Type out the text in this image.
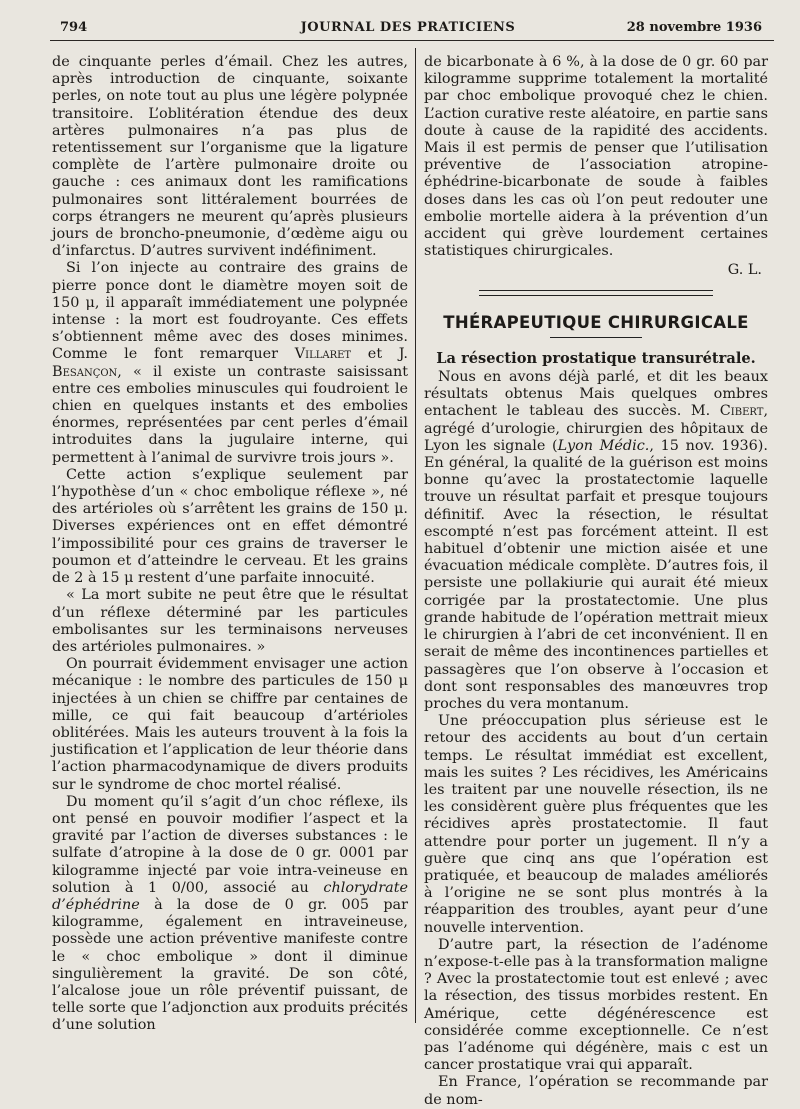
794	JOURNAL DES PRATICIENS	28 novembre 1936

de cinquante perles d’émail. Chez les autres, après introduction de cinquante, soixante perles, on note tout au plus une légère polypnée transitoire. L’oblitération étendue des deux artères pulmonaires n’a pas plus de retentissement sur l’organisme que la ligature complète de l’artère pulmonaire droite ou gauche : ces animaux dont les ramifications pulmonaires sont littéralement bourrées de corps étrangers ne meurent qu’après plusieurs jours de broncho-pneumonie, d’œdème aigu ou d’infarctus. D’autres survivent indéfiniment.

Si l’on injecte au contraire des grains de pierre ponce dont le diamètre moyen soit de 150 μ, il apparaît immédiatement une polypnée intense : la mort est foudroyante. Ces effets s’obtiennent même avec des doses minimes. Comme le font remarquer Villaret et J. Besançon, « il existe un contraste saisissant entre ces embolies minuscules qui foudroient le chien en quelques instants et des embolies énormes, représentées par cent perles d’émail introduites dans la jugulaire interne, qui permettent à l’animal de survivre trois jours ».

Cette action s’explique seulement par l’hypothèse d’un « choc embolique réflexe », né des artérioles où s’arrêtent les grains de 150 μ. Diverses expériences ont en effet démontré l’impossibilité pour ces grains de traverser le poumon et d’atteindre le cerveau. Et les grains de 2 à 15 μ restent d’une parfaite innocuité.

« La mort subite ne peut être que le résultat d’un réflexe déterminé par les particules embolisantes sur les terminaisons nerveuses des artérioles pulmonaires. »

On pourrait évidemment envisager une action mécanique : le nombre des particules de 150 μ injectées à un chien se chiffre par centaines de mille, ce qui fait beaucoup d’artérioles oblitérées. Mais les auteurs trouvent à la fois la justification et l’application de leur théorie dans l’action pharmacodynamique de divers produits sur le syndrome de choc mortel réalisé.

Du moment qu’il s’agit d’un choc réflexe, ils ont pensé en pouvoir modifier l’aspect et la gravité par l’action de diverses substances : le sulfate d’atropine à la dose de 0 gr. 0001 par kilogramme injecté par voie intra-veineuse en solution à 1 0/00, associé au chlorydrate d’éphédrine à la dose de 0 gr. 005 par kilogramme, également en intraveineuse, possède une action préventive manifeste contre le « choc embolique » dont il diminue singulièrement la gravité. De son côté, l’alcalose joue un rôle préventif puissant, de telle sorte que l’adjonction aux produits précités d’une solution

de bicarbonate à 6 %, à la dose de 0 gr. 60 par kilogramme supprime totalement la mortalité par choc embolique provoqué chez le chien. L’action curative reste aléatoire, en partie sans doute à cause de la rapidité des accidents. Mais il est permis de penser que l’utilisation préventive de l’association atropine-éphédrine-bicarbonate de soude à faibles doses dans les cas où l’on peut redouter une embolie mortelle aidera à la prévention d’un accident qui grève lourdement certaines statistiques chirurgicales.

G. L.
THÉRAPEUTIQUE CHIRURGICALE
La résection prostatique transurétrale.

Nous en avons déjà parlé, et dit les beaux résultats obtenus Mais quelques ombres entachent le tableau des succès. M. Cibert, agrégé d’urologie, chirurgien des hôpitaux de Lyon les signale (Lyon Médic., 15 nov. 1936). En général, la qualité de la guérison est moins bonne qu’avec la prostatectomie laquelle trouve un résultat parfait et presque toujours définitif. Avec la résection, le résultat escompté n’est pas forcément atteint. Il est habituel d’obtenir une miction aisée et une évacuation médicale complète. D’autres fois, il persiste une pollakiurie qui aurait été mieux corrigée par la prostatectomie. Une plus grande habitude de l’opération mettrait mieux le chirurgien à l’abri de cet inconvénient. Il en serait de même des incontinences partielles et passagères que l’on observe à l’occasion et dont sont responsables des manœuvres trop proches du vera montanum.

Une préoccupation plus sérieuse est le retour des accidents au bout d’un certain temps. Le résultat immédiat est excellent, mais les suites ? Les récidives, les Américains les traitent par une nouvelle résection, ils ne les considèrent guère plus fréquentes que les récidives après prostatectomie. Il faut attendre pour porter un jugement. Il n’y a guère que cinq ans que l’opération est pratiquée, et beaucoup de malades améliorés à l’origine ne se sont plus montrés à la réapparition des troubles, ayant peur d’une nouvelle intervention.

D’autre part, la résection de l’adénome n’expose-t-elle pas à la transformation maligne ? Avec la prostatectomie tout est enlevé ; avec la résection, des tissus morbides restent. En Amérique, cette dégénérescence est considérée comme exceptionnelle. Ce n’est pas l’adénome qui dégénère, mais c est un cancer prostatique vrai qui apparaît.

En France, l’opération se recommande par de nom-
